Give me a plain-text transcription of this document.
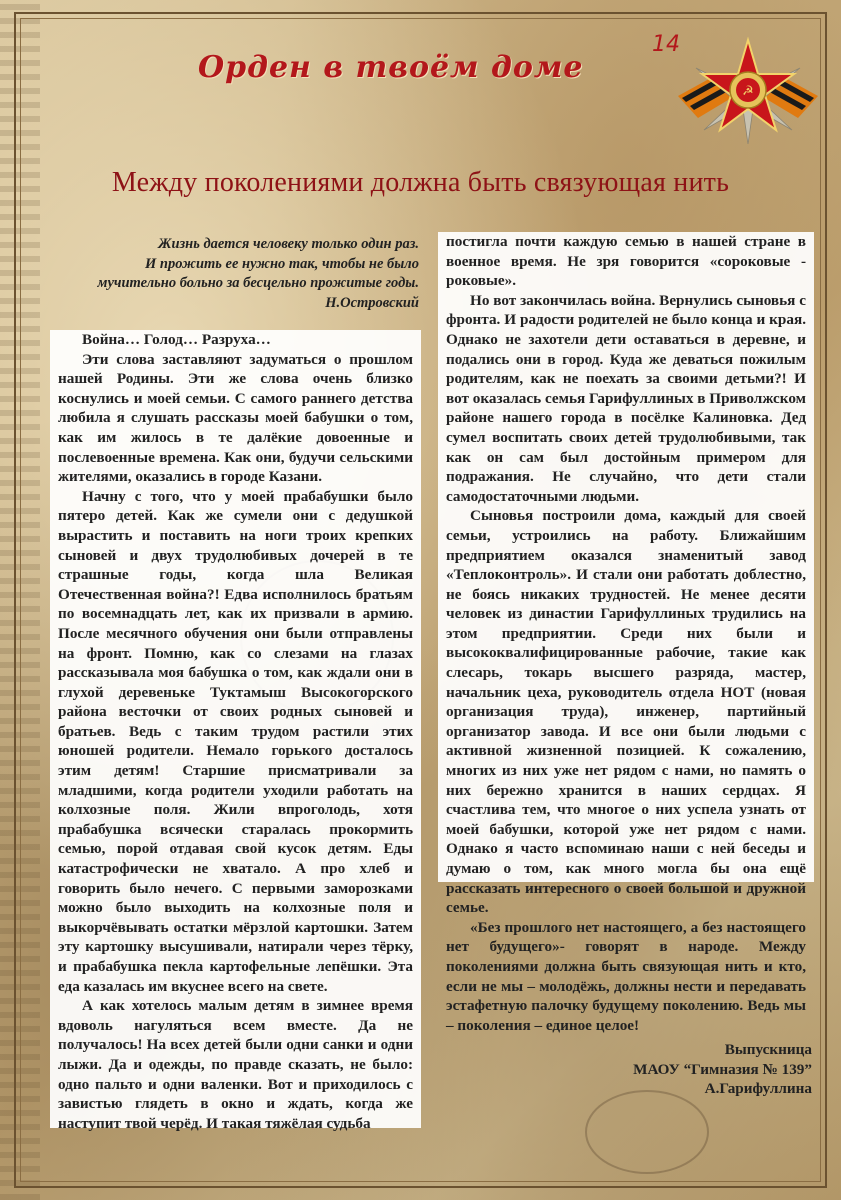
Орден в твоём доме
14
☭
Между поколениями должна быть связующая нить
Жизнь дается человеку только один раз.
И прожить ее нужно так, чтобы не было
мучительно больно за бесцельно прожитые годы.
Н.Островский

Война… Голод… Разруха…

Эти слова заставляют задуматься о прошлом нашей Родины. Эти же слова очень близко коснулись и моей семьи. С самого раннего детства любила я слушать рассказы моей бабушки о том, как им жилось в те далёкие довоенные и послевоенные времена. Как они, будучи сельскими жителями, оказались в городе Казани.

Начну с того, что у моей прабабушки было пятеро детей. Как же сумели они с дедушкой вырастить и поставить на ноги троих крепких сыновей и двух трудолюбивых дочерей в те страшные годы, когда шла Великая Отечественная война?! Едва исполнилось братьям по восемнадцать лет, как их призвали в армию. После месячного обучения они были отправлены на фронт. Помню, как со слезами на глазах рассказывала моя бабушка о том, как ждали они в глухой деревеньке Туктамыш Высокогорского района весточки от своих родных сыновей и братьев. Ведь с таким трудом растили этих юношей родители. Немало горького досталось этим детям! Старшие присматривали за младшими, когда родители уходили работать на колхозные поля. Жили впроголодь, хотя прабабушка всячески старалась прокормить семью, порой отдавая свой кусок детям. Еды катастрофически не хватало. А про хлеб и говорить было нечего. С первыми заморозками можно было выходить на колхозные поля и выкорчёвывать остатки мёрзлой картошки. Затем эту картошку высушивали, натирали через тёрку, и прабабушка пекла картофельные лепёшки. Эта еда казалась им вкуснее всего на свете.

А как хотелось малым детям в зимнее время вдоволь нагуляться всем вместе. Да не получалось! На всех детей были одни санки и одни лыжи. Да и одежды, по правде сказать, не было: одно пальто и одни валенки. Вот и приходилось с завистью глядеть в окно и ждать, когда же наступит твой черёд. И такая тяжёлая судьба

постигла почти каждую семью в нашей стране в военное время. Не зря говорится «сороковые - роковые».

Но вот закончилась война. Вернулись сыновья с фронта. И радости родителей не было конца и края. Однако не захотели дети оставаться в деревне, и подались они в город. Куда же деваться пожилым родителям, как не поехать за своими детьми?! И вот оказалась семья Гарифуллиных в Приволжском районе нашего города в посёлке Калиновка. Дед сумел воспитать своих детей трудолюбивыми, так как он сам был достойным примером для подражания. Не случайно, что дети стали самодостаточными людьми.

Сыновья построили дома, каждый для своей семьи, устроились на работу. Ближайшим предприятием оказался знаменитый завод «Теплоконтроль». И стали они работать доблестно, не боясь никаких трудностей. Не менее десяти человек из династии Гарифуллиных трудились на этом предприятии. Среди них были и высококвалифицированные рабочие, такие как слесарь, токарь высшего разряда, мастер, начальник цеха, руководитель отдела НОТ (новая организация труда), инженер, партийный организатор завода. И все они были людьми с активной жизненной позицией. К сожалению, многих из них уже нет рядом с нами, но память о них бережно хранится в наших сердцах. Я счастлива тем, что многое о них успела узнать от моей бабушки, которой уже нет рядом с нами. Однако я часто вспоминаю наши с ней беседы и думаю о том, как много могла бы она ещё рассказать интересного о своей большой и дружной семье.

«Без прошлого нет настоящего, а без настоящего нет будущего»- говорят в народе. Между поколениями должна быть связующая нить и кто, если не мы – молодёжь, должны нести и передавать эстафетную палочку будущему поколению. Ведь мы – поколения – единое целое!

Выпускница
МАОУ “Гимназия № 139”
А.Гарифуллина
